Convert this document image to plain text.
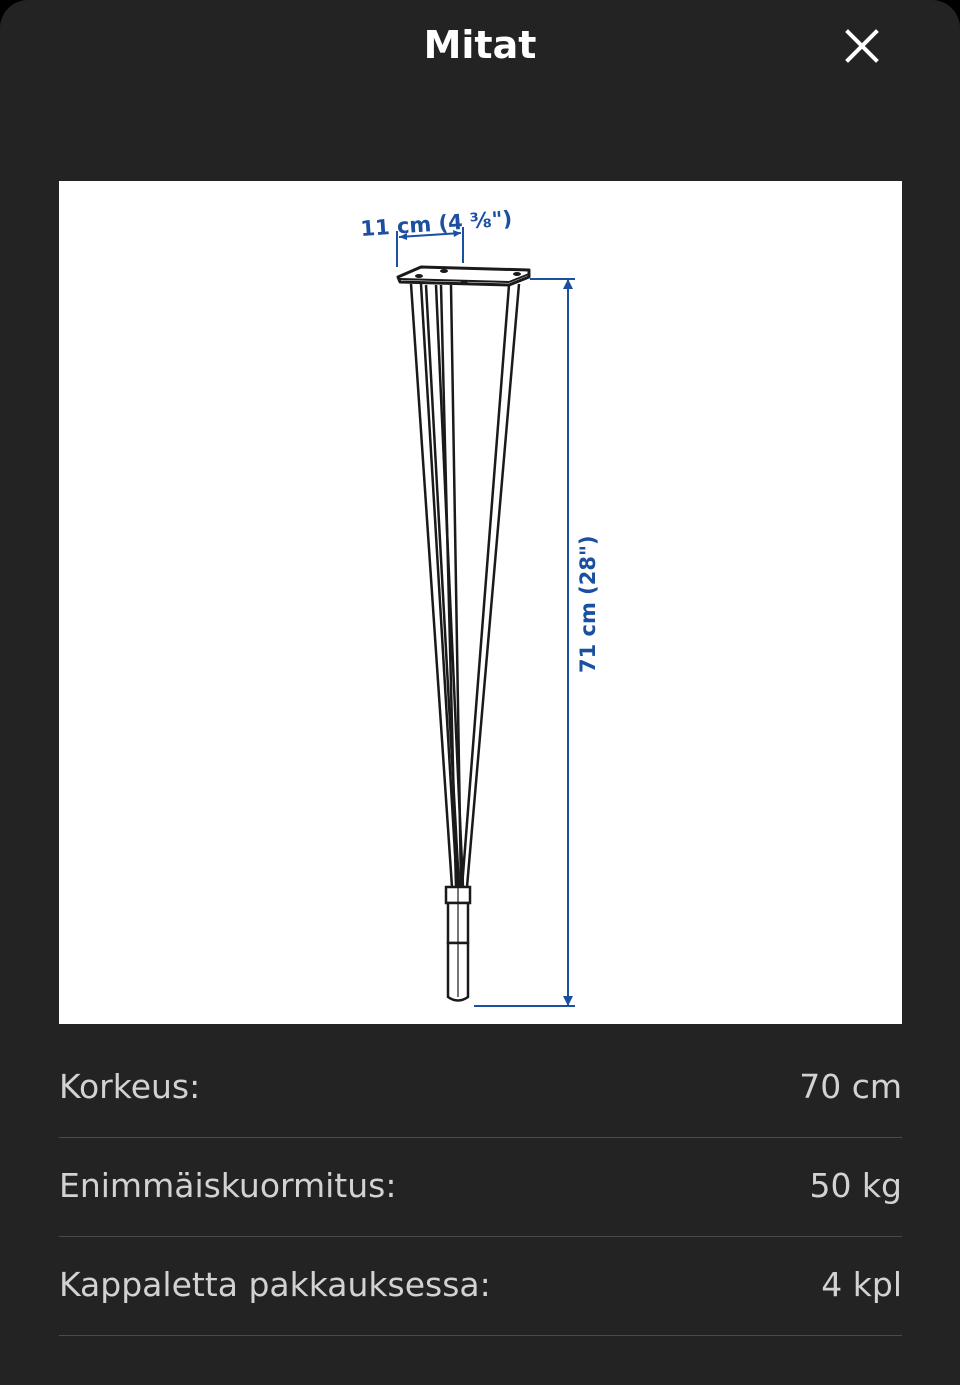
Mitat
11 cm (4 ⅜")
71 cm (28")
Korkeus:	70 cm
Enimmäiskuormitus:	50 kg
Kappaletta pakkauksessa:	4 kpl
